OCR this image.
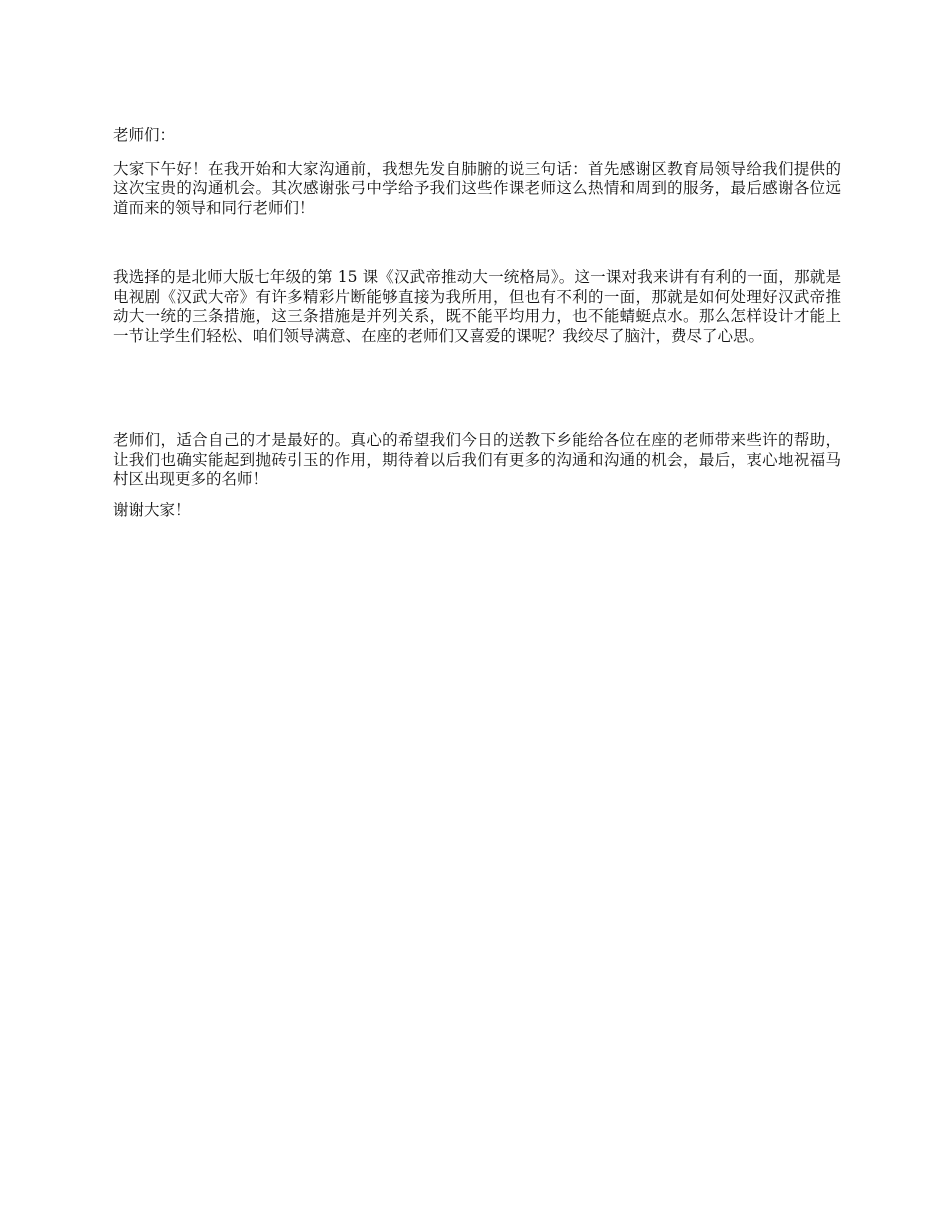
老师们：

大家下午好！在我开始和大家沟通前，我想先发自肺腑的说三句话：首先感谢区教育局领导给我们提供的这次宝贵的沟通机会。其次感谢张弓中学给予我们这些作课老师这么热情和周到的服务，最后感谢各位远道而来的领导和同行老师们！

我选择的是北师大版七年级的第 15 课《汉武帝推动大一统格局》。这一课对我来讲有有利的一面，那就是电视剧《汉武大帝》有许多精彩片断能够直接为我所用，但也有不利的一面，那就是如何处理好汉武帝推动大一统的三条措施，这三条措施是并列关系，既不能平均用力，也不能蜻蜓点水。那么怎样设计才能上一节让学生们轻松、咱们领导满意、在座的老师们又喜爱的课呢？我绞尽了脑汁，费尽了心思。

老师们，适合自己的才是最好的。真心的希望我们今日的送教下乡能给各位在座的老师带来些许的帮助，让我们也确实能起到抛砖引玉的作用，期待着以后我们有更多的沟通和沟通的机会，最后，衷心地祝福马村区出现更多的名师！

谢谢大家！
